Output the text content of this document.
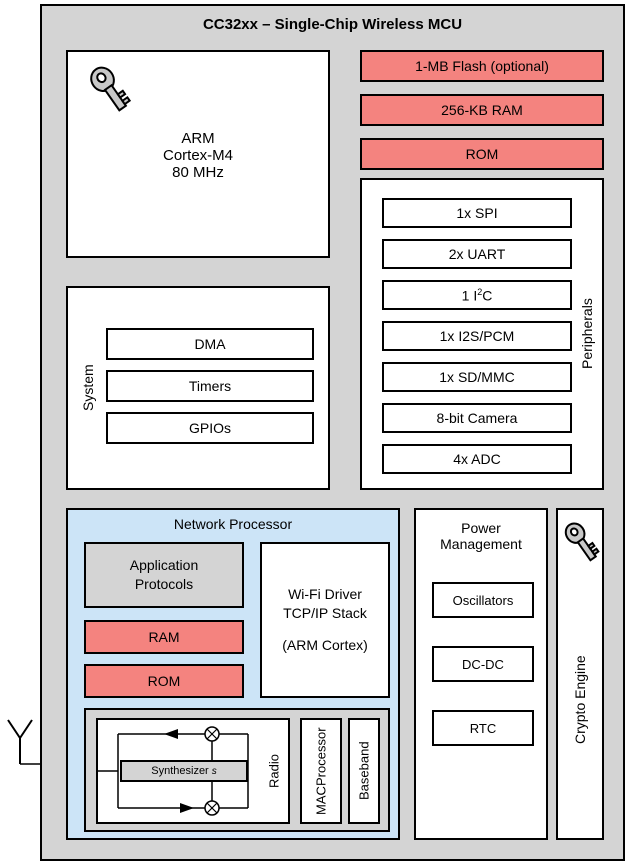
CC32xx – Single-Chip Wireless MCU
ARM
Cortex-M4
80 MHz
1-MB Flash (optional)
256-KB RAM
ROM
System
DMA
Timers
GPIOs
Peripherals
1x SPI
2x UART
1 $I^2C$
1x I2S/PCM
1x SD/MMC
8-bit Camera
4x ADC
Network Processor
Application
Protocols
RAM
ROM
Wi-Fi Driver
TCP/IP Stack
(ARM Cortex)
Synthesizer s	Radio
MAC

Processor	Baseband
Power
Management
Oscillators
DC-DC
RTC	Crypto Engine
